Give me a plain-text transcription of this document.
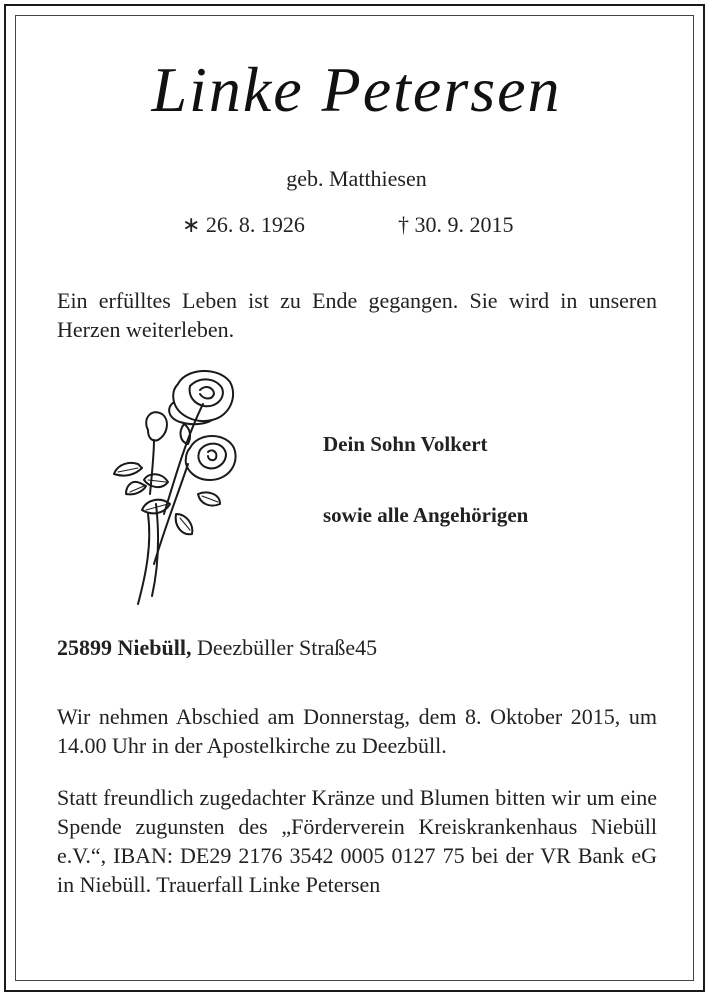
Linke Petersen
geb. Matthiesen
∗ 26. 8. 1926	† 30. 9. 2015
Ein erfülltes Leben ist zu Ende gegangen. Sie wird in unseren Herzen weiterleben.
Dein Sohn Volkert
sowie alle Angehörigen
25899 Niebüll, Deezbüller Straße45
Wir nehmen Abschied am Donnerstag, dem 8. Oktober 2015, um 14.00 Uhr in der Apostelkirche zu Deezbüll.
Statt freundlich zugedachter Kränze und Blumen bitten wir um eine Spende zugunsten des „Förderverein Kreiskrankenhaus Niebüll e.V.“, IBAN: DE29 2176 3542 0005 0127 75 bei der VR Bank eG in Niebüll. Trauerfall Linke Petersen
